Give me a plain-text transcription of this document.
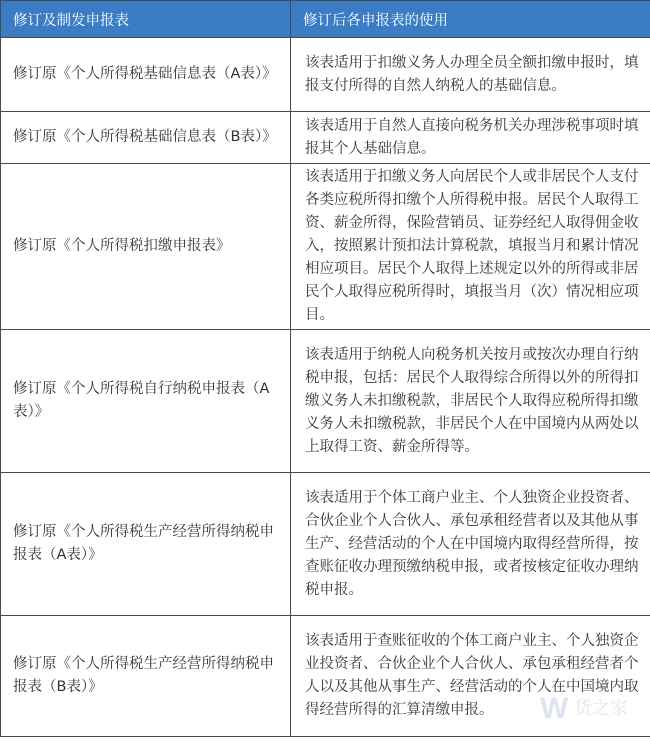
修订及制发申报表	修订后各申报表的使用
修订原《个人所得税基础信息表（A表）》	该表适用于扣缴义务人办理全员全额扣缴申报时，填报支付所得的自然人纳税人的基础信息。
修订原《个人所得税基础信息表（B表）》	该表适用于自然人直接向税务机关办理涉税事项时填报其个人基础信息。
修订原《个人所得税扣缴申报表》	该表适用于扣缴义务人向居民个人或非居民个人支付各类应税所得扣缴个人所得税申报。居民个人取得工资、薪金所得，保险营销员、证券经纪人取得佣金收入，按照累计预扣法计算税款，填报当月和累计情况相应项目。居民个人取得上述规定以外的所得或非居民个人取得应税所得时，填报当月（次）情况相应项目。
修订原《个人所得税自行纳税申报表（A表）》	该表适用于纳税人向税务机关按月或按次办理自行纳税申报，包括：居民个人取得综合所得以外的所得扣缴义务人未扣缴税款，非居民个人取得应税所得扣缴义务人未扣缴税款，非居民个人在中国境内从两处以上取得工资、薪金所得等。
修订原《个人所得税生产经营所得纳税申报表（A表）》	该表适用于个体工商户业主、个人独资企业投资者、合伙企业个人合伙人、承包承租经营者以及其他从事生产、经营活动的个人在中国境内取得经营所得，按查账征收办理预缴纳税申报，或者按核定征收办理纳税申报。
修订原《个人所得税生产经营所得纳税申报表（B表）》	该表适用于查账征收的个体工商户业主、个人独资企业投资者、合伙企业个人合伙人、承包承租经营者个人以及其他从事生产、经营活动的个人在中国境内取得经营所得的汇算清缴申报。 W 货之家
